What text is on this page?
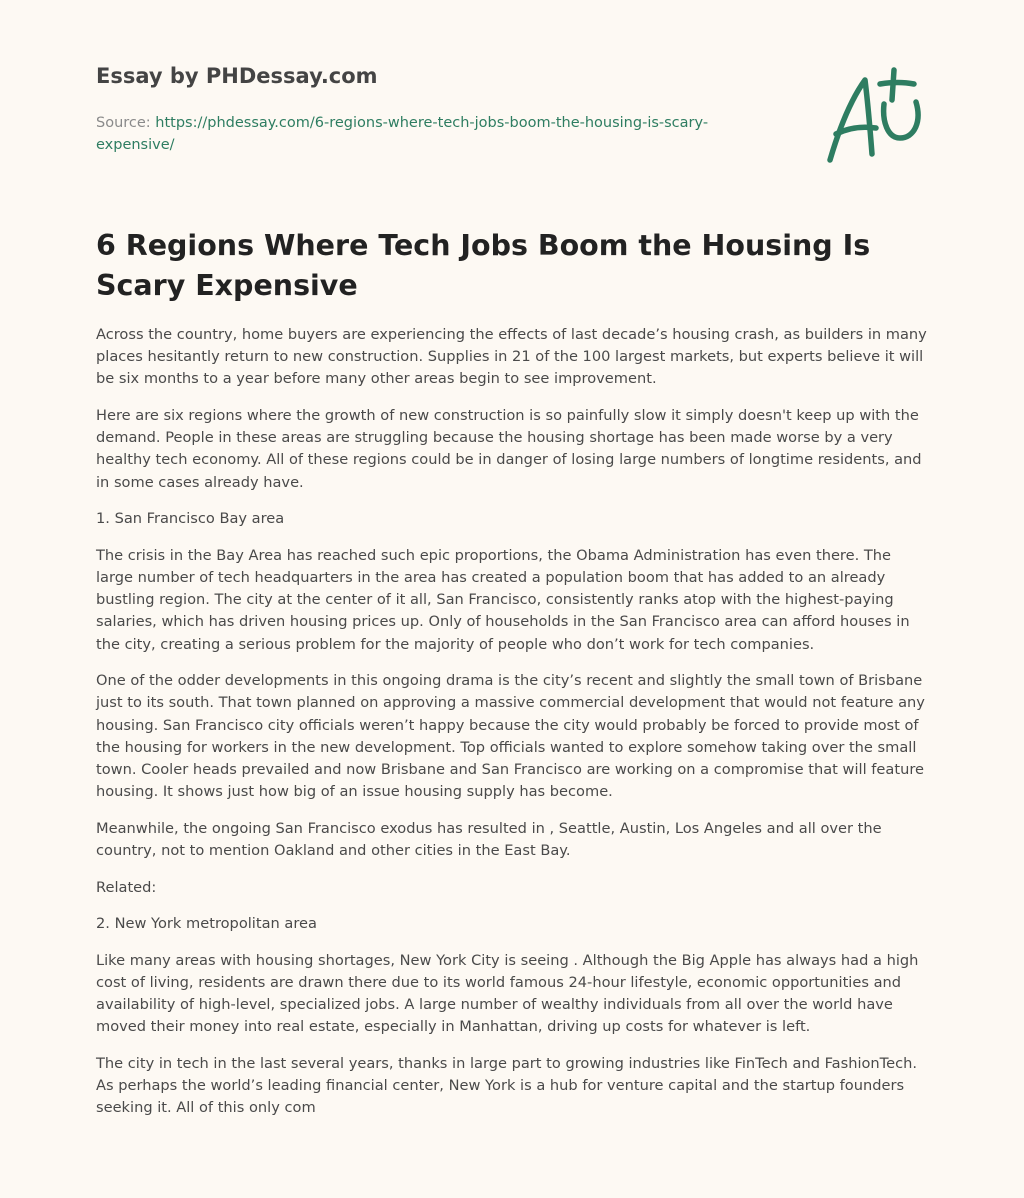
Essay by PHDessay.com
Source: https://phdessay.com/6-regions-where-tech-jobs-boom-the-housing-is-scary-expensive/
6 Regions Where Tech Jobs Boom the Housing Is Scary Expensive

Across the country, home buyers are experiencing the effects of last decade’s housing crash, as builders in many places hesitantly return to new construction. Supplies in 21 of the 100 largest markets, but experts believe it will be six months to a year before many other areas begin to see improvement.

Here are six regions where the growth of new construction is so painfully slow it simply doesn't keep up with the demand. People in these areas are struggling because the housing shortage has been made worse by a very healthy tech economy. All of these regions could be in danger of losing large numbers of longtime residents, and in some cases already have.

1. San Francisco Bay area

The crisis in the Bay Area has reached such epic proportions, the Obama Administration has even there. The large number of tech headquarters in the area has created a population boom that has added to an already bustling region. The city at the center of it all, San Francisco, consistently ranks atop with the highest-paying salaries, which has driven housing prices up. Only of households in the San Francisco area can afford houses in the city, creating a serious problem for the majority of people who don’t work for tech companies.

One of the odder developments in this ongoing drama is the city’s recent and slightly the small town of Brisbane just to its south. That town planned on approving a massive commercial development that would not feature any housing. San Francisco city officials weren’t happy because the city would probably be forced to provide most of the housing for workers in the new development. Top officials wanted to explore somehow taking over the small town. Cooler heads prevailed and now Brisbane and San Francisco are working on a compromise that will feature housing. It shows just how big of an issue housing supply has become.

Meanwhile, the ongoing San Francisco exodus has resulted in , Seattle, Austin, Los Angeles and all over the country, not to mention Oakland and other cities in the East Bay.

Related:

2. New York metropolitan area

Like many areas with housing shortages, New York City is seeing . Although the Big Apple has always had a high cost of living, residents are drawn there due to its world famous 24-hour lifestyle, economic opportunities and availability of high-level, specialized jobs. A large number of wealthy individuals from all over the world have moved their money into real estate, especially in Manhattan, driving up costs for whatever is left.

The city in tech in the last several years, thanks in large part to growing industries like FinTech and FashionTech. As perhaps the world’s leading financial center, New York is a hub for venture capital and the startup founders seeking it. All of this only com
